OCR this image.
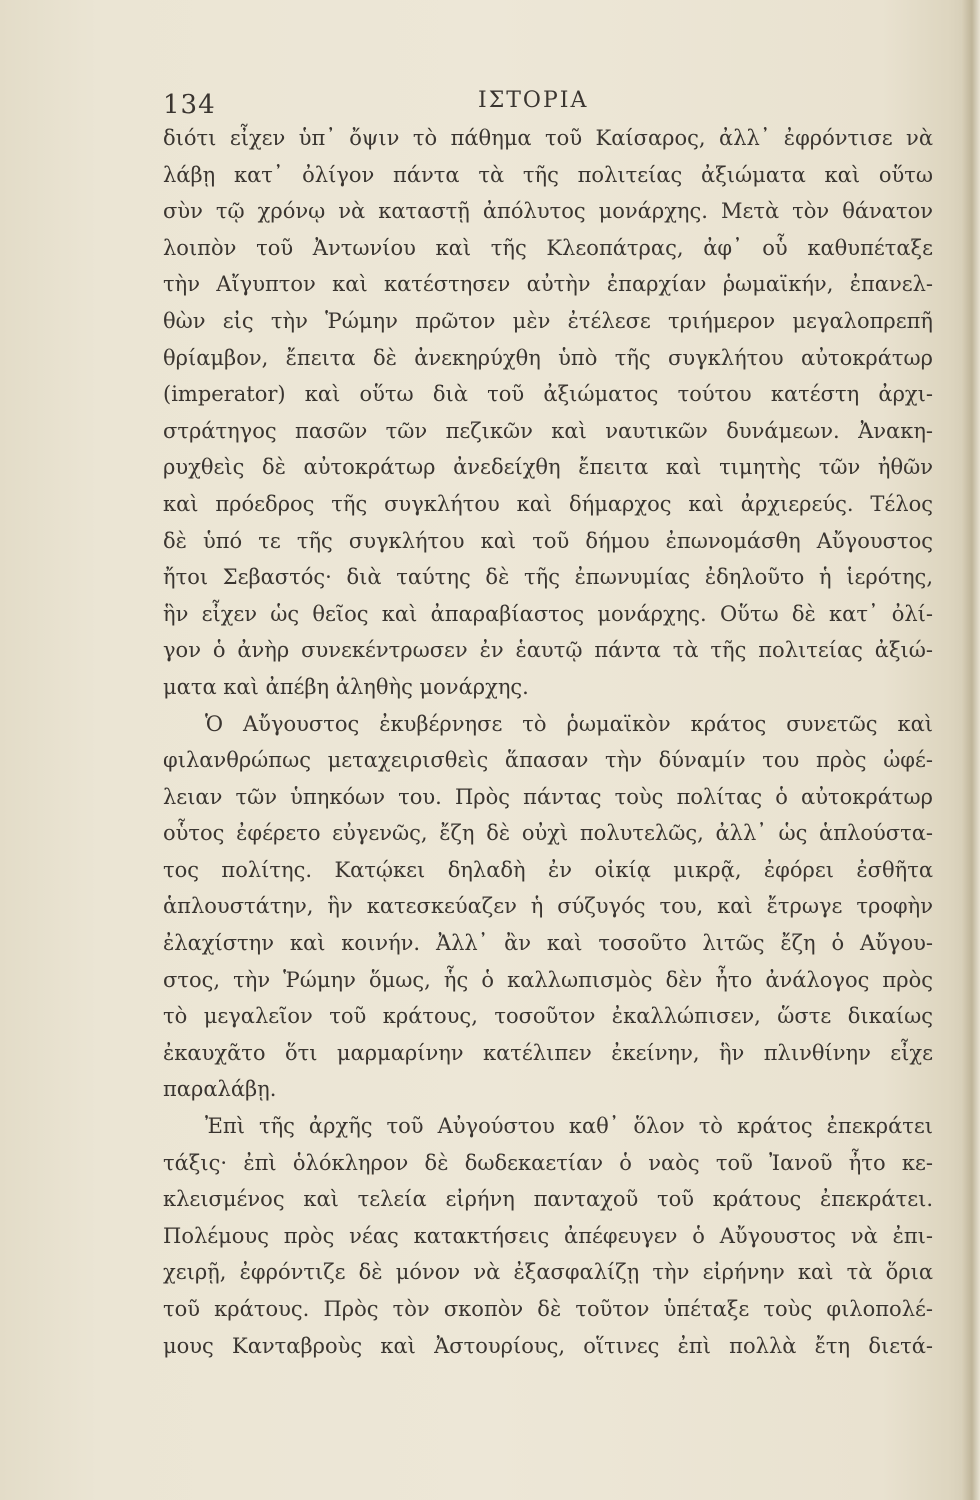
134	ΙΣΤΟΡΙΑ
διότι εἶχεν ὑπ᾽ ὄψιν τὸ πάθημα τοῦ Καίσαρος, ἀλλ᾽ ἐφρόντισε νὰ
λάβῃ κατ᾽ ὀλίγον πάντα τὰ τῆς πολιτείας ἀξιώματα καὶ οὕτω
σὺν τῷ χρόνῳ νὰ καταστῇ ἀπόλυτος μονάρχης. Μετὰ τὸν θάνατον
λοιπὸν τοῦ Ἀντωνίου καὶ τῆς Κλεοπάτρας, ἀφ᾽ οὗ καθυπέταξε
τὴν Αἴγυπτον καὶ κατέστησεν αὐτὴν ἐπαρχίαν ῥωμαϊκήν, ἐπανελ-
θὼν εἰς τὴν Ῥώμην πρῶτον μὲν ἐτέλεσε τριήμερον μεγαλοπρεπῆ
θρίαμβον, ἔπειτα δὲ ἀνεκηρύχθη ὑπὸ τῆς συγκλήτου αὐτοκράτωρ
(imperator) καὶ οὕτω διὰ τοῦ ἀξιώματος τούτου κατέστη ἀρχι-
στράτηγος πασῶν τῶν πεζικῶν καὶ ναυτικῶν δυνάμεων. Ἀνακη-
ρυχθεὶς δὲ αὐτοκράτωρ ἀνεδείχθη ἔπειτα καὶ τιμητὴς τῶν ἠθῶν
καὶ πρόεδρος τῆς συγκλήτου καὶ δήμαρχος καὶ ἀρχιερεύς. Τέλος
δὲ ὑπό τε τῆς συγκλήτου καὶ τοῦ δήμου ἐπωνομάσθη Αὔγουστος
ἤτοι Σεβαστός· διὰ ταύτης δὲ τῆς ἐπωνυμίας ἐδηλοῦτο ἡ ἱερότης,
ἣν εἶχεν ὡς θεῖος καὶ ἀπαραβίαστος μονάρχης. Οὕτω δὲ κατ᾽ ὀλί-
γον ὁ ἀνὴρ συνεκέντρωσεν ἐν ἑαυτῷ πάντα τὰ τῆς πολιτείας ἀξιώ-
ματα καὶ ἀπέβη ἀληθὴς μονάρχης.
Ὁ Αὔγουστος ἐκυβέρνησε τὸ ῥωμαϊκὸν κράτος συνετῶς καὶ
φιλανθρώπως μεταχειρισθεὶς ἅπασαν τὴν δύναμίν του πρὸς ὠφέ-
λειαν τῶν ὑπηκόων του. Πρὸς πάντας τοὺς πολίτας ὁ αὐτοκράτωρ
οὗτος ἐφέρετο εὐγενῶς, ἔζη δὲ οὐχὶ πολυτελῶς, ἀλλ᾽ ὡς ἁπλούστα-
τος πολίτης. Κατῴκει δηλαδὴ ἐν οἰκίᾳ μικρᾷ, ἐφόρει ἐσθῆτα
ἁπλουστάτην, ἣν κατεσκεύαζεν ἡ σύζυγός του, καὶ ἔτρωγε τροφὴν
ἐλαχίστην καὶ κοινήν. Ἀλλ᾽ ἂν καὶ τοσοῦτο λιτῶς ἔζη ὁ Αὔγου-
στος, τὴν Ῥώμην ὅμως, ἧς ὁ καλλωπισμὸς δὲν ἦτο ἀνάλογος πρὸς
τὸ μεγαλεῖον τοῦ κράτους, τοσοῦτον ἐκαλλώπισεν, ὥστε δικαίως
ἐκαυχᾶτο ὅτι μαρμαρίνην κατέλιπεν ἐκείνην, ἣν πλινθίνην εἶχε
παραλάβῃ.
Ἐπὶ τῆς ἀρχῆς τοῦ Αὐγούστου καθ᾽ ὅλον τὸ κράτος ἐπεκράτει
τάξις· ἐπὶ ὁλόκληρον δὲ δωδεκαετίαν ὁ ναὸς τοῦ Ἰανοῦ ἦτο κε-
κλεισμένος καὶ τελεία εἰρήνη πανταχοῦ τοῦ κράτους ἐπεκράτει.
Πολέμους πρὸς νέας κατακτήσεις ἀπέφευγεν ὁ Αὔγουστος νὰ ἐπι-
χειρῇ, ἐφρόντιζε δὲ μόνον νὰ ἐξασφαλίζῃ τὴν εἰρήνην καὶ τὰ ὅρια
τοῦ κράτους. Πρὸς τὸν σκοπὸν δὲ τοῦτον ὑπέταξε τοὺς φιλοπολέ-
μους Κανταβροὺς καὶ Ἀστουρίους, οἵτινες ἐπὶ πολλὰ ἔτη διετά-
